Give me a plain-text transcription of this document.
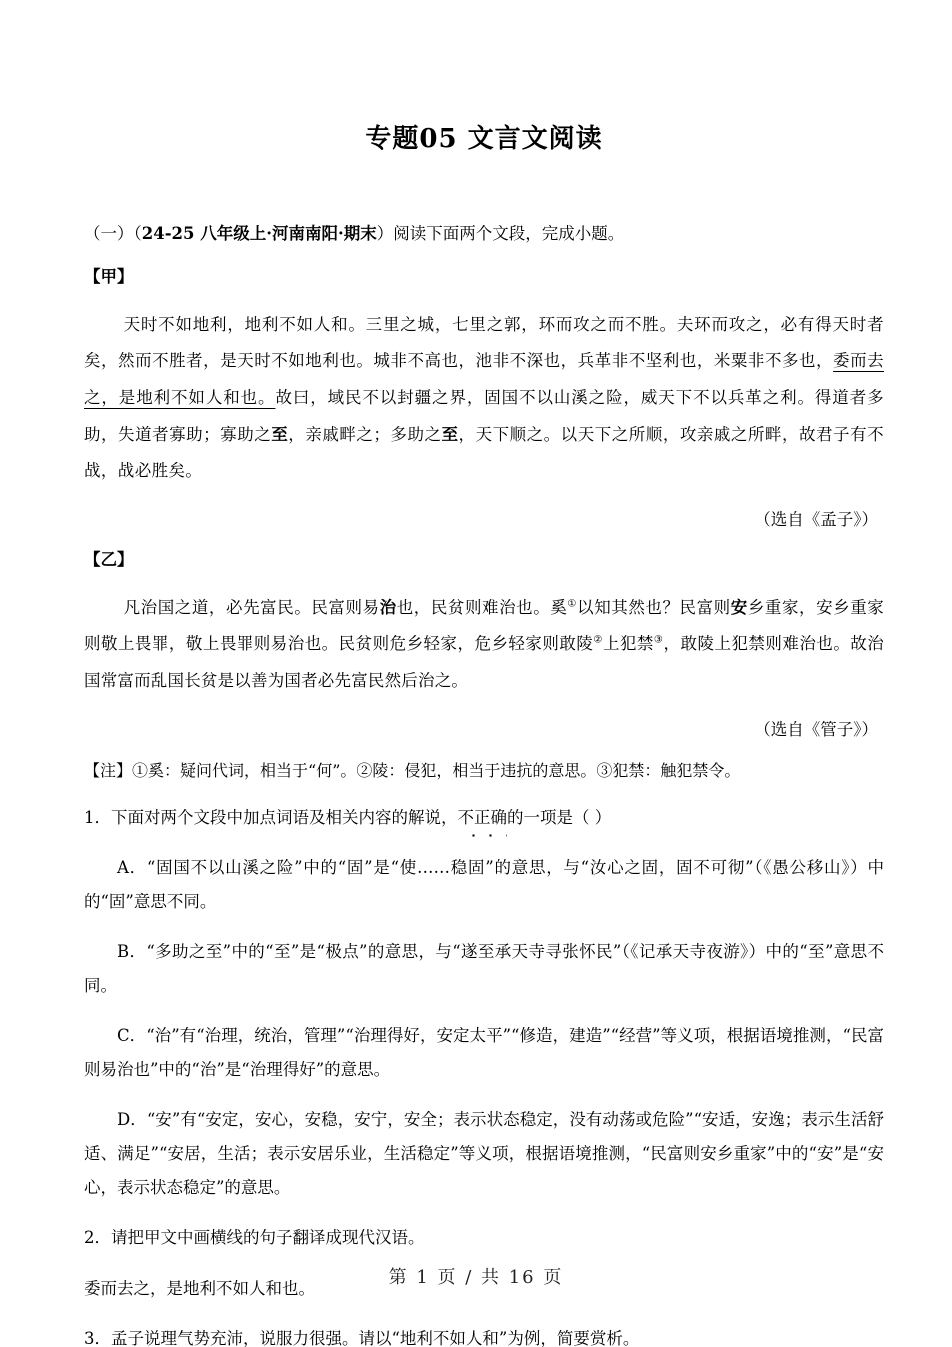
专题05 文言文阅读

（一）（24-25 八年级上·河南南阳·期末）阅读下面两个文段，完成小题。

【甲】

天时不如地利，地利不如人和。三里之城，七里之郭，环而攻之而不胜。夫环而攻之，必有得天时者矣，然而不胜者，是天时不如地利也。城非不高也，池非不深也，兵革非不坚利也，米粟非不多也，委而去之，是地利不如人和也。故曰，域民不以封疆之界，固国不以山溪之险，威天下不以兵革之利。得道者多助，失道者寡助；寡助之至，亲戚畔之；多助之至，天下顺之。以天下之所顺，攻亲戚之所畔，故君子有不战，战必胜矣。

（选自《孟子》）

【乙】

凡治国之道，必先富民。民富则易治也，民贫则难治也。奚①以知其然也？民富则安乡重家，安乡重家则敬上畏罪，敬上畏罪则易治也。民贫则危乡轻家，危乡轻家则敢陵②上犯禁③，敢陵上犯禁则难治也。故治国常富而乱国长贫是以善为国者必先富民然后治之。

（选自《管子》）

【注】①奚：疑问代词，相当于“何”。②陵：侵犯，相当于违抗的意思。③犯禁：触犯禁令。

1．下面对两个文段中加点词语及相关内容的解说，不正确的一项是（ ）

A．“固国不以山溪之险”中的“固”是“使……稳固”的意思，与“汝心之固，固不可彻”（《愚公移山》）中的“固”意思不同。

B．“多助之至”中的“至”是“极点”的意思，与“遂至承天寺寻张怀民”（《记承天寺夜游》）中的“至”意思不同。

C．“治”有“治理，统治，管理”“治理得好，安定太平”“修造，建造”“经营”等义项，根据语境推测，“民富则易治也”中的“治”是“治理得好”的意思。

D．“安”有“安定，安心，安稳，安宁，安全；表示状态稳定，没有动荡或危险”“安适，安逸；表示生活舒适、满足”“安居，生活；表示安居乐业，生活稳定”等义项，根据语境推测，“民富则安乡重家”中的“安”是“安心，表示状态稳定”的意思。

2．请把甲文中画横线的句子翻译成现代汉语。

委而去之，是地利不如人和也。

3．孟子说理气势充沛，说服力很强。请以“地利不如人和”为例，简要赏析。

第 1 页 / 共 16 页
